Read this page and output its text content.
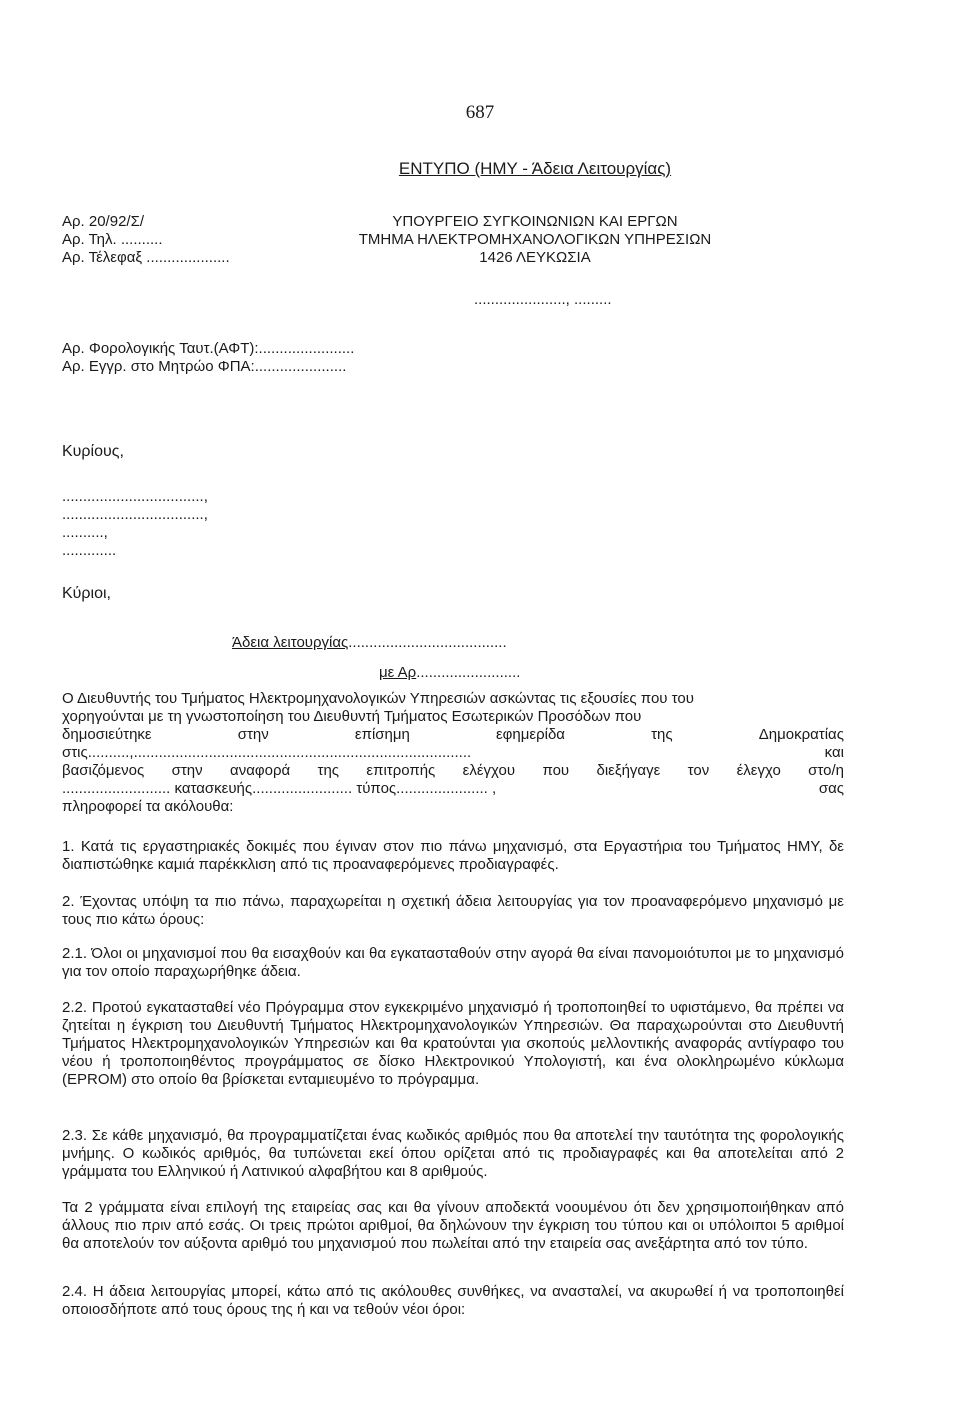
687
ΕΝΤΥΠΟ (ΗΜΥ - Άδεια Λειτουργίας)
Αρ. 20/92/Σ/
Αρ. Τηλ. ..........
Αρ. Τέλεφαξ ....................
ΥΠΟΥΡΓΕΙΟ ΣΥΓΚΟΙΝΩΝΙΩΝ ΚΑΙ ΕΡΓΩΝ
ΤΜΗΜΑ ΗΛΕΚΤΡΟΜΗΧΑΝΟΛΟΓΙΚΩΝ ΥΠΗΡΕΣΙΩΝ
1426 ΛΕΥΚΩΣΙΑ
......................, .........
Αρ. Φορολογικής Ταυτ.(ΑΦΤ):.......................
Αρ. Εγγρ. στο Μητρώο ΦΠΑ:......................
Κυρίους,
..................................,
..................................,
..........,
.............
Κύριοι,
Άδεια λειτουργίας......................................
με Αρ.........................
Ο Διευθυντής του Τμήματος Ηλεκτρομηχανολογικών Υπηρεσιών ασκώντας τις εξουσίες που του
χορηγούνται με τη γνωστοποίηση του Διευθυντή Τμήματος Εσωτερικών Προσόδων που
δημοσιεύτηκε	στην	επίσημη	εφημερίδα	της	Δημοκρατίας
στις..........,.................................................................................	και
βασιζόμενος στην αναφορά της επιτροπής ελέγχου που διεξήγαγε τον έλεγχο στο/η
.......................... κατασκευής........................ τύπος...................... ,	σας
πληροφορεί τα ακόλουθα:

1. Κατά τις εργαστηριακές δοκιμές που έγιναν στον πιο πάνω μηχανισμό, στα Εργαστήρια του Τμήματος ΗΜΥ, δε διαπιστώθηκε καμιά παρέκκλιση από τις προαναφερόμενες προδιαγραφές.

2. Έχοντας υπόψη τα πιο πάνω, παραχωρείται η σχετική άδεια λειτουργίας για τον προαναφερόμενο μηχανισμό με τους πιο κάτω όρους:

2.1. Όλοι οι μηχανισμοί που θα εισαχθούν και θα εγκατασταθούν στην αγορά θα είναι πανομοιότυποι με το μηχανισμό για τον οποίο παραχωρήθηκε άδεια.

2.2. Προτού εγκατασταθεί νέο Πρόγραμμα στον εγκεκριμένο μηχανισμό ή τροποποιηθεί το υφιστάμενο, θα πρέπει να ζητείται η έγκριση του Διευθυντή Τμήματος Ηλεκτρομηχανολογικών Υπηρεσιών. Θα παραχωρούνται στο Διευθυντή Τμήματος Ηλεκτρομηχανολογικών Υπηρεσιών και θα κρατούνται για σκοπούς μελλοντικής αναφοράς αντίγραφο του νέου ή τροποποιηθέντος προγράμματος σε δίσκο Ηλεκτρονικού Υπολογιστή, και ένα ολοκληρωμένο κύκλωμα (EPROM) στο οποίο θα βρίσκεται ενταμιευμένο το πρόγραμμα.

2.3. Σε κάθε μηχανισμό, θα προγραμματίζεται ένας κωδικός αριθμός που θα αποτελεί την ταυτότητα της φορολογικής μνήμης. Ο κωδικός αριθμός, θα τυπώνεται εκεί όπου ορίζεται από τις προδιαγραφές και θα αποτελείται από 2 γράμματα του Ελληνικού ή Λατινικού αλφαβήτου και 8 αριθμούς.

Τα 2 γράμματα είναι επιλογή της εταιρείας σας και θα γίνουν αποδεκτά νοουμένου ότι δεν χρησιμοποιήθηκαν από άλλους πιο πριν από εσάς. Οι τρεις πρώτοι αριθμοί, θα δηλώνουν την έγκριση του τύπου και οι υπόλοιποι 5 αριθμοί θα αποτελούν τον αύξοντα αριθμό του μηχανισμού που πωλείται από την εταιρεία σας ανεξάρτητα από τον τύπο.

2.4. Η άδεια λειτουργίας μπορεί, κάτω από τις ακόλουθες συνθήκες, να ανασταλεί, να ακυρωθεί ή να τροποποιηθεί οποιοσδήποτε από τους όρους της ή και να τεθούν νέοι όροι:
